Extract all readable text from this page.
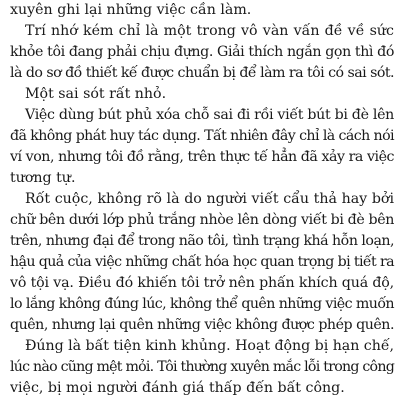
xuyên ghi lại những việc cần làm.
Trí nhớ kém chỉ là một trong vô vàn vấn đề về sức
khỏe tôi đang phải chịu đựng. Giải thích ngắn gọn thì đó
là do sơ đồ thiết kế được chuẩn bị để làm ra tôi có sai sót.
Một sai sót rất nhỏ.
Việc dùng bút phủ xóa chỗ sai đi rồi viết bút bi đè lên
đã không phát huy tác dụng. Tất nhiên đây chỉ là cách nói
ví von, nhưng tôi đồ rằng, trên thực tế hẳn đã xảy ra việc
tương tự.
Rốt cuộc, không rõ là do người viết cẩu thả hay bởi
chữ bên dưới lớp phủ trắng nhòe lên dòng viết bi đè bên
trên, nhưng đại để trong não tôi, tình trạng khá hỗn loạn,
hậu quả của việc những chất hóa học quan trọng bị tiết ra
vô tội vạ. Điều đó khiến tôi trở nên phấn khích quá độ,
lo lắng không đúng lúc, không thể quên những việc muốn
quên, nhưng lại quên những việc không được phép quên.
Đúng là bất tiện kinh khủng. Hoạt động bị hạn chế,
lúc nào cũng mệt mỏi. Tôi thường xuyên mắc lỗi trong công
việc, bị mọi người đánh giá thấp đến bất công.
